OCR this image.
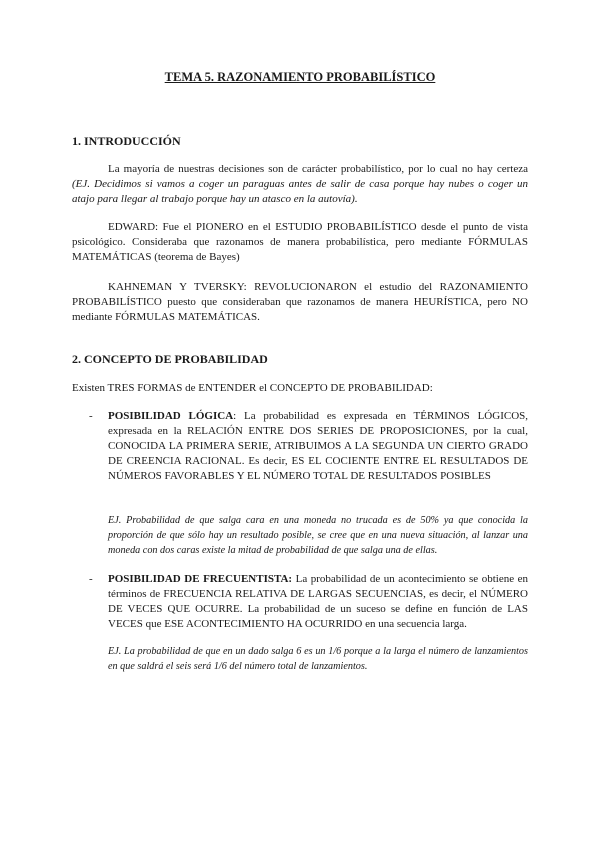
TEMA 5. RAZONAMIENTO PROBABILÍSTICO
1. INTRODUCCIÓN
La mayoría de nuestras decisiones son de carácter probabilístico, por lo cual no hay certeza (EJ. Decidimos si vamos a coger un paraguas antes de salir de casa porque hay nubes o coger un atajo para llegar al trabajo porque hay un atasco en la autovía).
EDWARD: Fue el PIONERO en el ESTUDIO PROBABILÍSTICO desde el punto de vista psicológico. Consideraba que razonamos de manera probabilística, pero mediante FÓRMULAS MATEMÁTICAS (teorema de Bayes)
KAHNEMAN Y TVERSKY: REVOLUCIONARON el estudio del RAZONAMIENTO PROBABILÍSTICO puesto que consideraban que razonamos de manera HEURÍSTICA, pero NO mediante FÓRMULAS MATEMÁTICAS.
2. CONCEPTO DE PROBABILIDAD
Existen TRES FORMAS de ENTENDER el CONCEPTO DE PROBABILIDAD:
- POSIBILIDAD LÓGICA: La probabilidad es expresada en TÉRMINOS LÓGICOS, expresada en la RELACIÓN ENTRE DOS SERIES DE PROPOSICIONES, por la cual, CONOCIDA LA PRIMERA SERIE, ATRIBUIMOS A LA SEGUNDA UN CIERTO GRADO DE CREENCIA RACIONAL. Es decir, ES EL COCIENTE ENTRE EL RESULTADOS DE NÚMEROS FAVORABLES Y EL NÚMERO TOTAL DE RESULTADOS POSIBLES
EJ. Probabilidad de que salga cara en una moneda no trucada es de 50% ya que conocida la proporción de que sólo hay un resultado posible, se cree que en una nueva situación, al lanzar una moneda con dos caras existe la mitad de probabilidad de que salga una de ellas.
- POSIBILIDAD DE FRECUENTISTA: La probabilidad de un acontecimiento se obtiene en términos de FRECUENCIA RELATIVA DE LARGAS SECUENCIAS, es decir, el NÚMERO DE VECES QUE OCURRE. La probabilidad de un suceso se define en función de LAS VECES que ESE ACONTECIMIENTO HA OCURRIDO en una secuencia larga.
EJ. La probabilidad de que en un dado salga 6 es un 1/6 porque a la larga el número de lanzamientos en que saldrá el seis será 1/6 del número total de lanzamientos.
